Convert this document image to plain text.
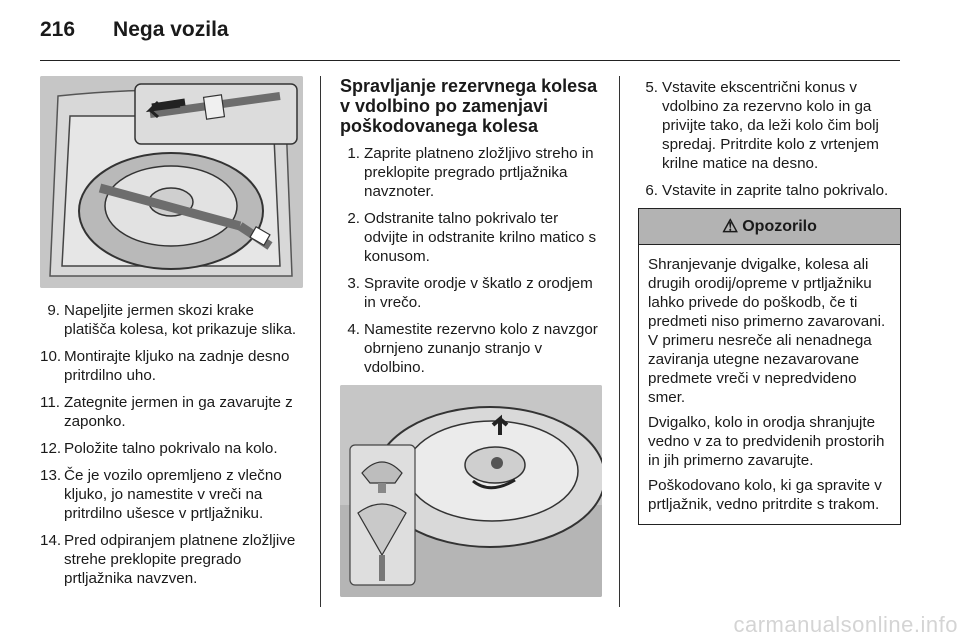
216 Nega vozila
9. Napeljite jermen skozi krake platišča kolesa, kot prikazuje slika.
10. Montirajte kljuko na zadnje desno pritrdilno uho.
11. Zategnite jermen in ga zavarujte z zaponko.
12. Položite talno pokrivalo na kolo.
13. Če je vozilo opremljeno z vlečno kljuko, jo namestite v vreči na pritrdilno ušesce v prtljažniku.
14. Pred odpiranjem platnene zložljive strehe preklopite pregrado prtljažnika navzven.
Spravljanje rezervnega kolesa v vdolbino po zamenjavi poškodovanega kolesa
1. Zaprite platneno zložljivo streho in preklopite pregrado prtljažnika navznoter.
2. Odstranite talno pokrivalo ter odvijte in odstranite krilno matico s konusom.
3. Spravite orodje v škatlo z orodjem in vrečo.
4. Namestite rezervno kolo z navzgor obrnjeno zunanjo stranjo v vdolbino.
5. Vstavite ekscentrični konus v vdolbino za rezervno kolo in ga privijte tako, da leži kolo čim bolj spredaj. Pritrdite kolo z vrtenjem krilne matice na desno.
6. Vstavite in zaprite talno pokrivalo.
⚠ Opozorilo

Shranjevanje dvigalke, kolesa ali drugih orodij/opreme v prtljažniku lahko privede do poškodb, če ti predmeti niso primerno zavarovani. V primeru nesreče ali nenadnega zaviranja utegne nezavarovane predmete vreči v nepredvideno smer.

Dvigalko, kolo in orodja shranjujte vedno v za to predvidenih prostorih in jih primerno zavarujte.

Poškodovano kolo, ki ga spravite v prtljažnik, vedno pritrdite s trakom.

carmanualsonline.info
